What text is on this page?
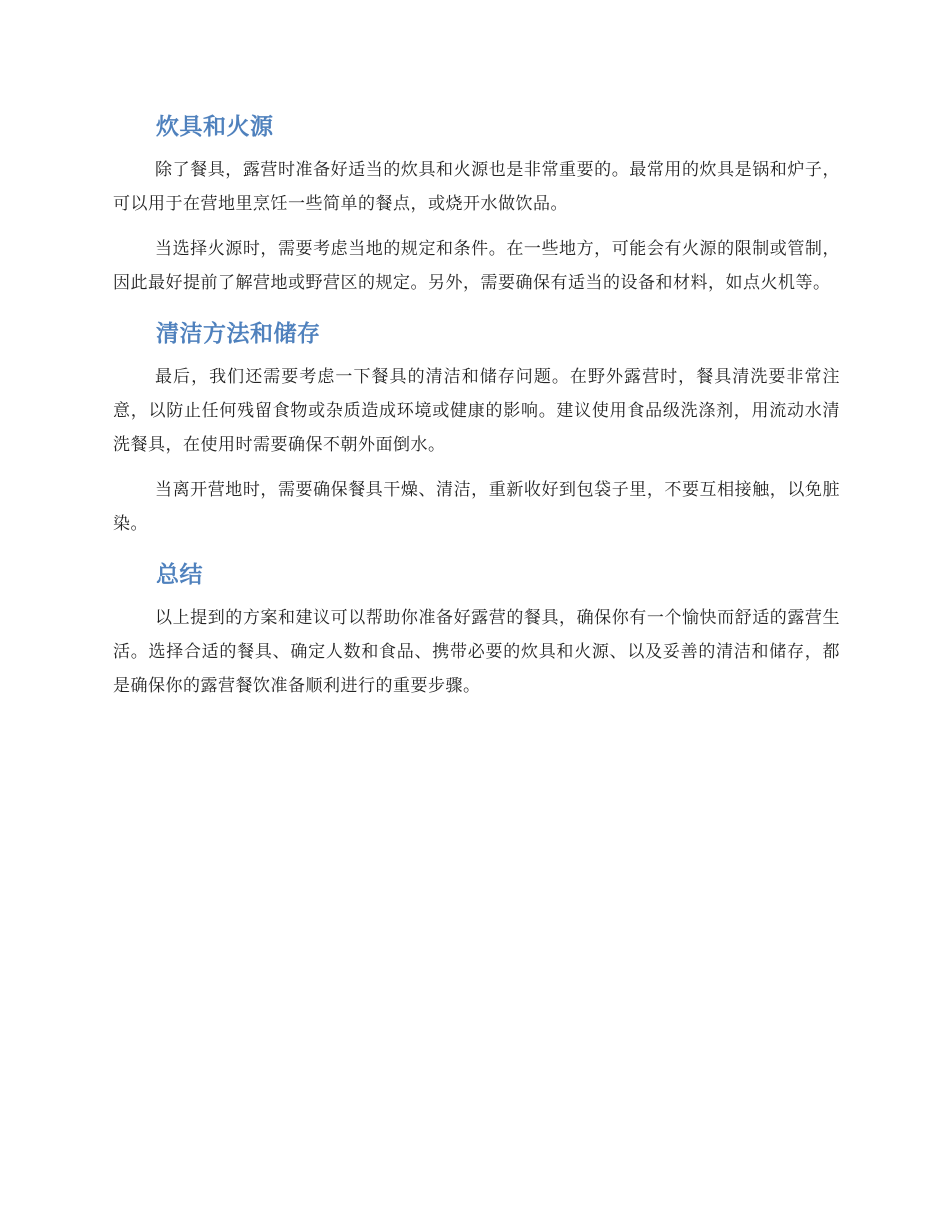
炊具和火源

除了餐具，露营时准备好适当的炊具和火源也是非常重要的。最常用的炊具是锅和炉子，可以用于在营地里烹饪一些简单的餐点，或烧开水做饮品。

当选择火源时，需要考虑当地的规定和条件。在一些地方，可能会有火源的限制或管制，因此最好提前了解营地或野营区的规定。另外，需要确保有适当的设备和材料，如点火机等。

清洁方法和储存

最后，我们还需要考虑一下餐具的清洁和储存问题。在野外露营时，餐具清洗要非常注意，以防止任何残留食物或杂质造成环境或健康的影响。建议使用食品级洗涤剂，用流动水清洗餐具，在使用时需要确保不朝外面倒水。

当离开营地时，需要确保餐具干燥、清洁，重新收好到包袋子里，不要互相接触，以免脏染。

总结

以上提到的方案和建议可以帮助你准备好露营的餐具，确保你有一个愉快而舒适的露营生活。选择合适的餐具、确定人数和食品、携带必要的炊具和火源、以及妥善的清洁和储存，都是确保你的露营餐饮准备顺利进行的重要步骤。
